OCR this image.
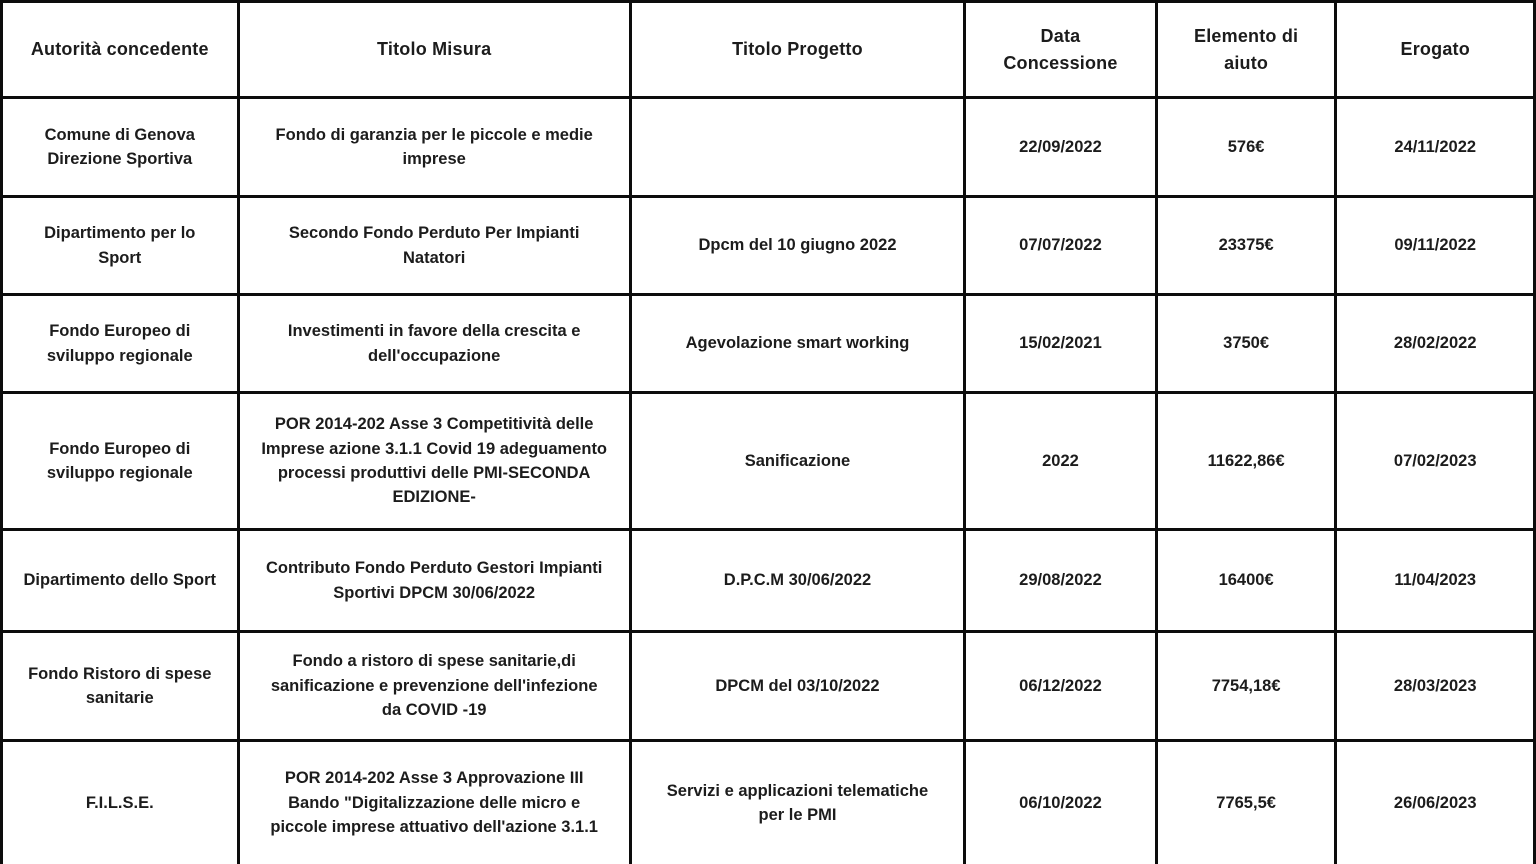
Autorità concedente	Titolo Misura	Titolo Progetto	Data Concessione	Elemento di aiuto	Erogato
Comune di Genova Direzione Sportiva	Fondo di garanzia per le piccole e medie imprese		22/09/2022	576€	24/11/2022
Dipartimento per lo Sport	Secondo Fondo Perduto Per Impianti Natatori	Dpcm del 10 giugno 2022	07/07/2022	23375€	09/11/2022
Fondo Europeo di sviluppo regionale	Investimenti in favore della crescita e dell'occupazione	Agevolazione smart working	15/02/2021	3750€	28/02/2022
Fondo Europeo di sviluppo regionale	POR 2014-202 Asse 3 Competitività delle Imprese azione 3.1.1 Covid 19 adeguamento processi produttivi delle PMI-SECONDA EDIZIONE-	Sanificazione	2022	11622,86€	07/02/2023
Dipartimento dello Sport	Contributo Fondo Perduto Gestori Impianti Sportivi DPCM 30/06/2022	D.P.C.M 30/06/2022	29/08/2022	16400€	11/04/2023
Fondo Ristoro di spese sanitarie	Fondo a ristoro di spese sanitarie,di sanificazione e prevenzione dell'infezione da COVID -19	DPCM del 03/10/2022	06/12/2022	7754,18€	28/03/2023
F.I.L.S.E.	POR 2014-202 Asse 3 Approvazione III Bando "Digitalizzazione delle micro e piccole imprese attuativo dell'azione 3.1.1	Servizi e applicazioni telematiche per le PMI	06/10/2022	7765,5€	26/06/2023
